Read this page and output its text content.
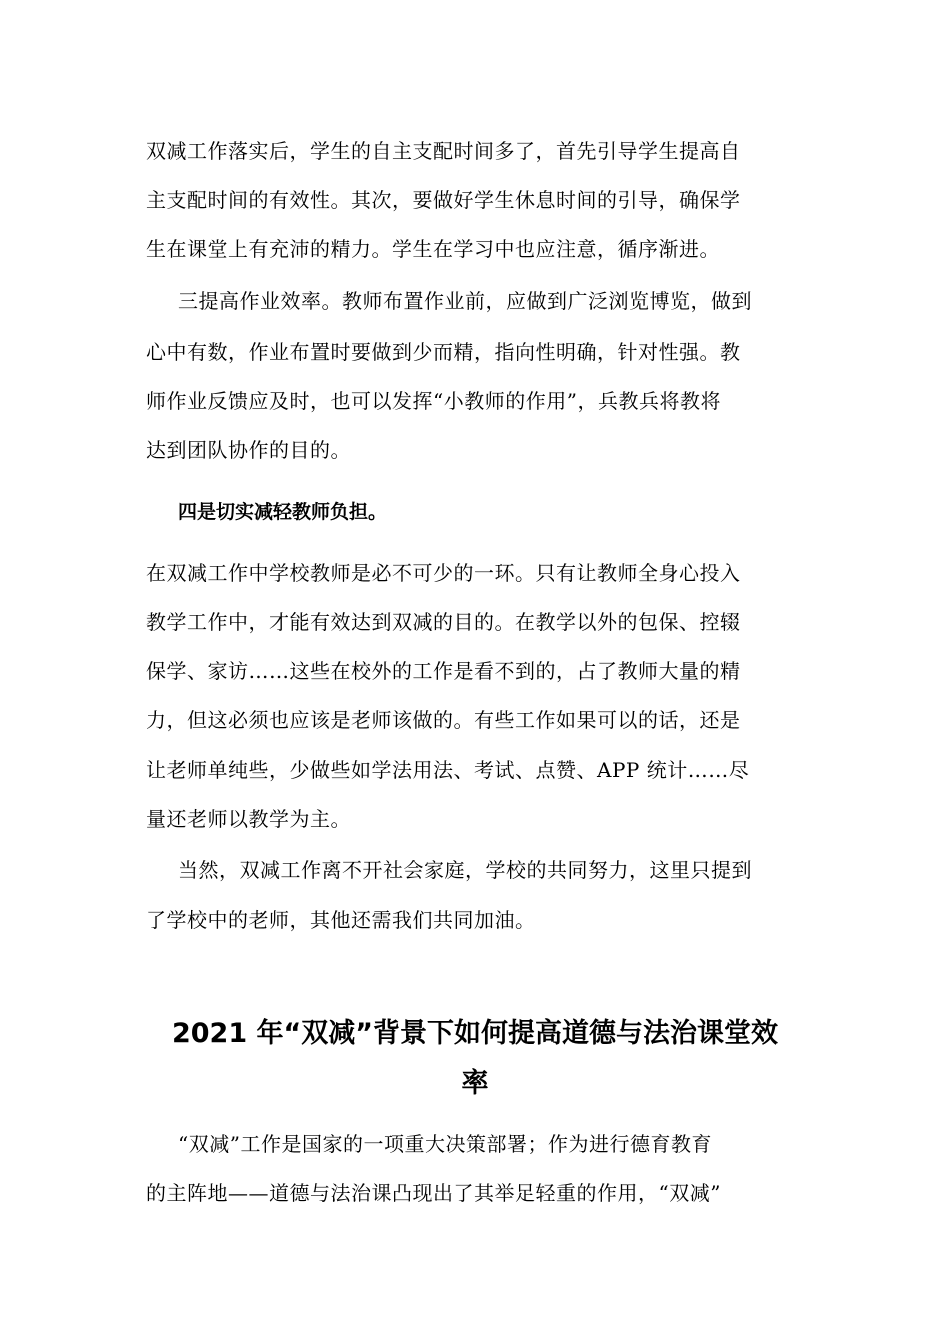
双减工作落实后，学生的自主支配时间多了，首先引导学生提高自
主支配时间的有效性。其次，要做好学生休息时间的引导，确保学
生在课堂上有充沛的精力。学生在学习中也应注意，循序渐进。
三提高作业效率。教师布置作业前，应做到广泛浏览博览，做到
心中有数，作业布置时要做到少而精，指向性明确，针对性强。教
师作业反馈应及时，也可以发挥“小教师的作用”，兵教兵将教将
达到团队协作的目的。
四是切实减轻教师负担。
在双减工作中学校教师是必不可少的一环。只有让教师全身心投入
教学工作中，才能有效达到双减的目的。在教学以外的包保、控辍
保学、家访……这些在校外的工作是看不到的，占了教师大量的精
力，但这必须也应该是老师该做的。有些工作如果可以的话，还是
让老师单纯些，少做些如学法用法、考试、点赞、APP 统计……尽
量还老师以教学为主。
当然，双减工作离不开社会家庭，学校的共同努力，这里只提到
了学校中的老师，其他还需我们共同加油。
2021 年“双减”背景下如何提高道德与法治课堂效
率
“双减”工作是国家的一项重大决策部署；作为进行德育教育
的主阵地——道德与法治课凸现出了其举足轻重的作用，“双减”
